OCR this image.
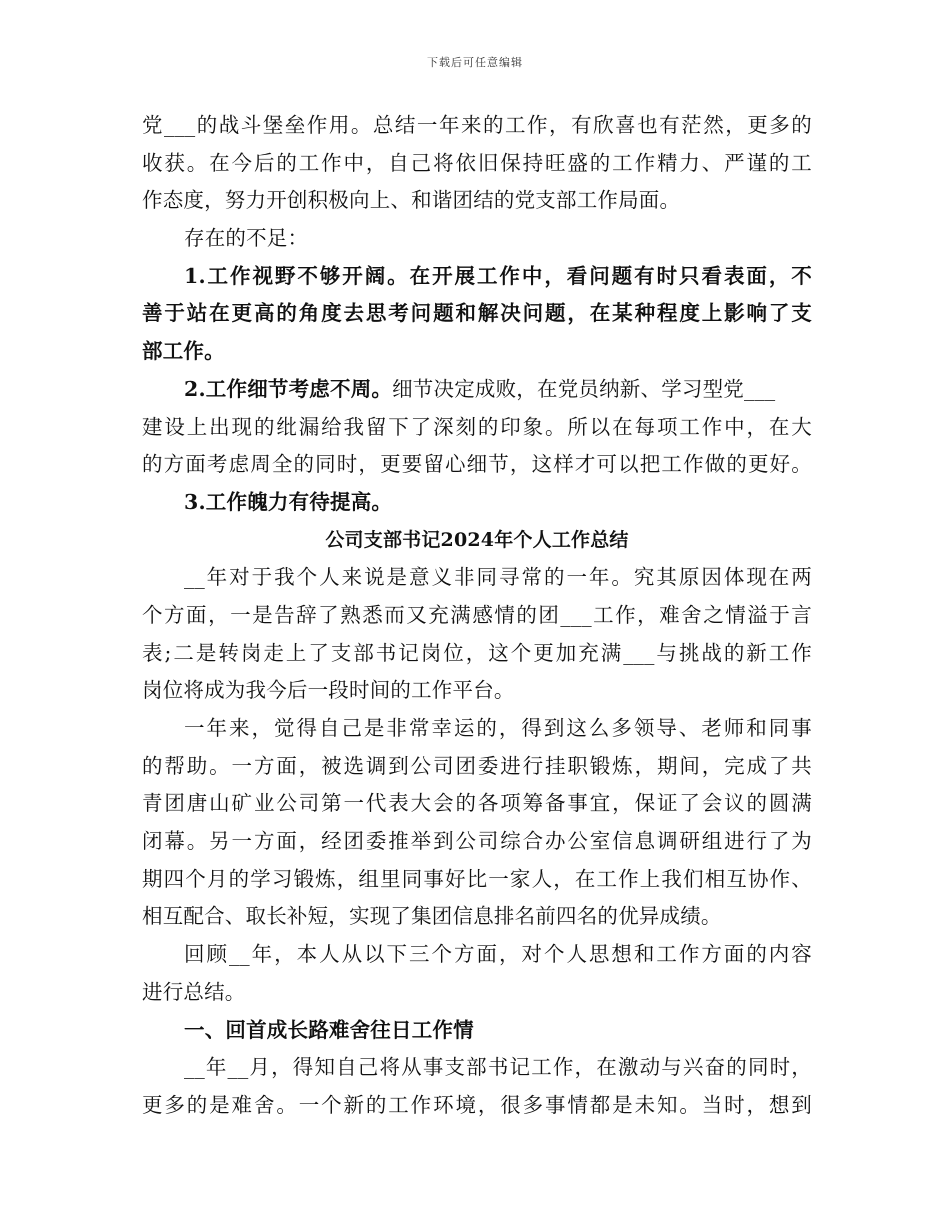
下载后可任意编辑
党___的战斗堡垒作用。总结一年来的工作，有欣喜也有茫然，更多的
收获。在今后的工作中，自己将依旧保持旺盛的工作精力、严谨的工
作态度，努力开创积极向上、和谐团结的党支部工作局面。
存在的不足：
1.工作视野不够开阔。在开展工作中，看问题有时只看表面，不
善于站在更高的角度去思考问题和解决问题，在某种程度上影响了支
部工作。
2.工作细节考虑不周。细节决定成败，在党员纳新、学习型党___
建设上出现的纰漏给我留下了深刻的印象。所以在每项工作中，在大
的方面考虑周全的同时，更要留心细节，这样才可以把工作做的更好。
3.工作魄力有待提高。
公司支部书记2024年个人工作总结
__年对于我个人来说是意义非同寻常的一年。究其原因体现在两
个方面，一是告辞了熟悉而又充满感情的团___工作，难舍之情溢于言
表;二是转岗走上了支部书记岗位，这个更加充满___与挑战的新工作
岗位将成为我今后一段时间的工作平台。
一年来，觉得自己是非常幸运的，得到这么多领导、老师和同事
的帮助。一方面，被选调到公司团委进行挂职锻炼，期间，完成了共
青团唐山矿业公司第一代表大会的各项筹备事宜，保证了会议的圆满
闭幕。另一方面，经团委推举到公司综合办公室信息调研组进行了为
期四个月的学习锻炼，组里同事好比一家人，在工作上我们相互协作、
相互配合、取长补短，实现了集团信息排名前四名的优异成绩。
回顾__年，本人从以下三个方面，对个人思想和工作方面的内容
进行总结。
一、回首成长路难舍往日工作情
__年__月，得知自己将从事支部书记工作，在激动与兴奋的同时，
更多的是难舍。一个新的工作环境，很多事情都是未知。当时，想到
